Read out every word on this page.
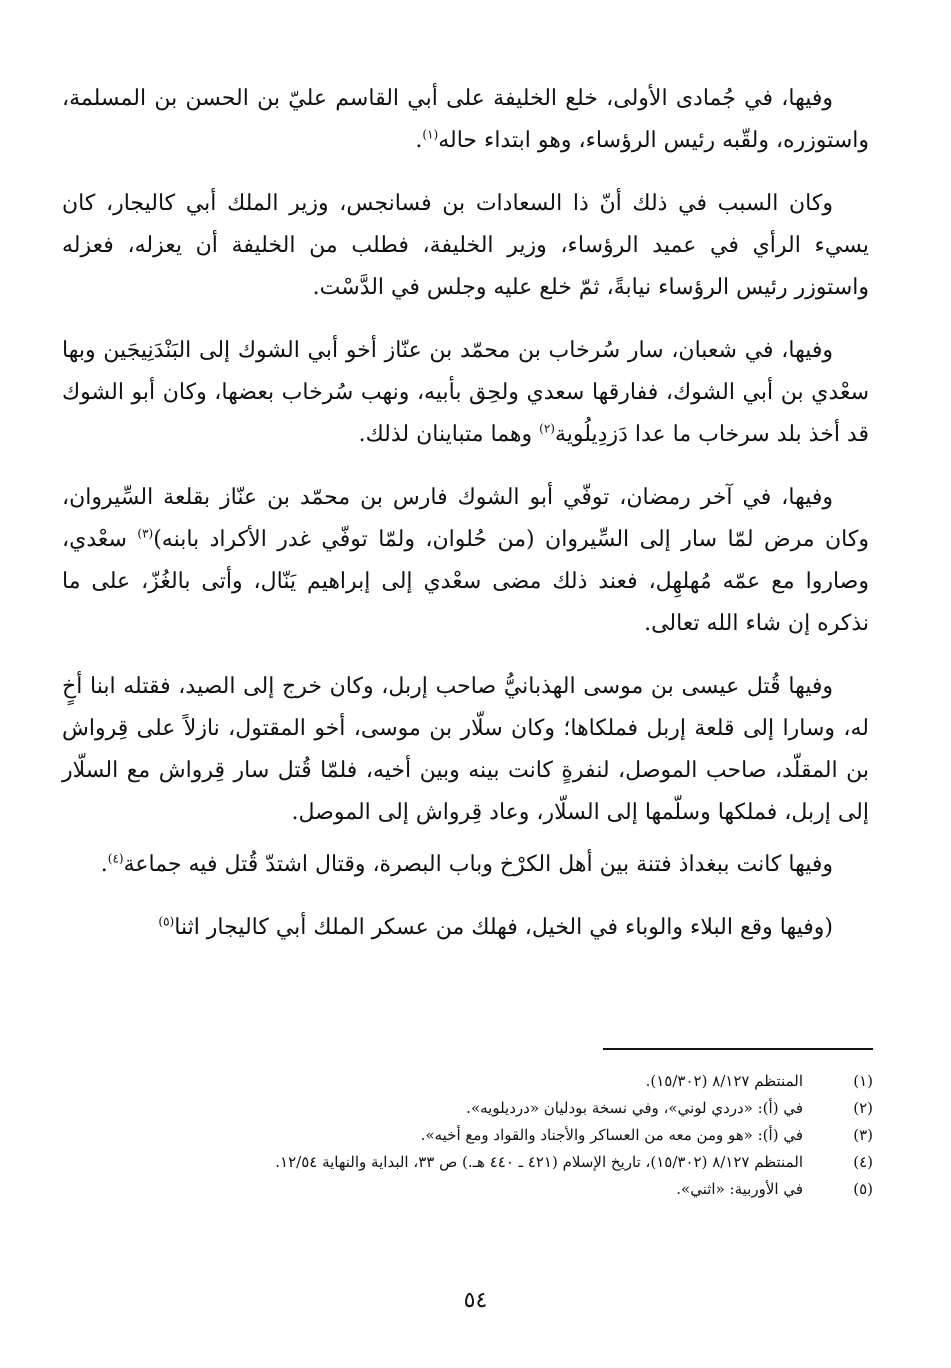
وفيها، في جُمادى الأولى، خلع الخليفة على أبي القاسم عليّ بن الحسن بن المسلمة، واستوزره، ولقّبه رئيس الرؤساء، وهو ابتداء حاله$^{(١)}$.

وكان السبب في ذلك أنّ ذا السعادات بن فسانجس، وزير الملك أبي كاليجار، كان يسيء الرأي في عميد الرؤساء، وزير الخليفة، فطلب من الخليفة أن يعزله، فعزله واستوزر رئيس الرؤساء نيابةً، ثمّ خلع عليه وجلس في الدَّسْت.

وفيها، في شعبان، سار سُرخاب بن محمّد بن عنّاز أخو أبي الشوك إلى البَنْدَنِيجَين وبها سعْدي بن أبي الشوك، ففارقها سعدي ولحِق بأبيه، ونهب سُرخاب بعضها، وكان أبو الشوك قد أخذ بلد سرخاب ما عدا دَزدِيلُوية$^{(٢)}$ وهما متباينان لذلك.

وفيها، في آخر رمضان، توفّي أبو الشوك فارس بن محمّد بن عنّاز بقلعة السِّيروان، وكان مرض لمّا سار إلى السِّيروان (من حُلوان، ولمّا توفّي غدر الأكراد بابنه)$^{(٣)}$ سعْدي، وصاروا مع عمّه مُهلهِل، فعند ذلك مضى سعْدي إلى إبراهيم يَنّال، وأتى بالغُزّ، على ما نذكره إن شاء الله تعالى.

وفيها قُتل عيسى بن موسى الهذبانيُّ صاحب إربل، وكان خرج إلى الصيد، فقتله ابنا أخٍ له، وسارا إلى قلعة إربل فملكاها؛ وكان سلّار بن موسى، أخو المقتول، نازلاً على قِرواش بن المقلّد، صاحب الموصل، لنفرةٍ كانت بينه وبين أخيه، فلمّا قُتل سار قِرواش مع السلّار إلى إربل، فملكها وسلّمها إلى السلّار، وعاد قِرواش إلى الموصل.

وفيها كانت ببغداذ فتنة بين أهل الكرْخ وباب البصرة، وقتال اشتدّ قُتل فيه جماعة$^{(٤)}$.

(وفيها وقع البلاء والوباء في الخيل، فهلك من عسكر الملك أبي كاليجار اثنا$^{(٥)}$

(١)
المنتظم ٨/١٢٧ (١٥/٣٠٢).
(٢)
في (أ): «دردي لوني»، وفي نسخة بودليان «درديلويه».
(٣)
في (أ): «هو ومن معه من العساكر والأجناد والقواد ومع أخيه».
(٤)
المنتظم ٨/١٢٧ (١٥/٣٠٢)، تاريخ الإسلام (٤٢١ ـ ٤٤٠ هـ.) ص ٣٣، البداية والنهاية ١٢/٥٤.
(٥)
في الأوربية: «اثني».
٥٤
